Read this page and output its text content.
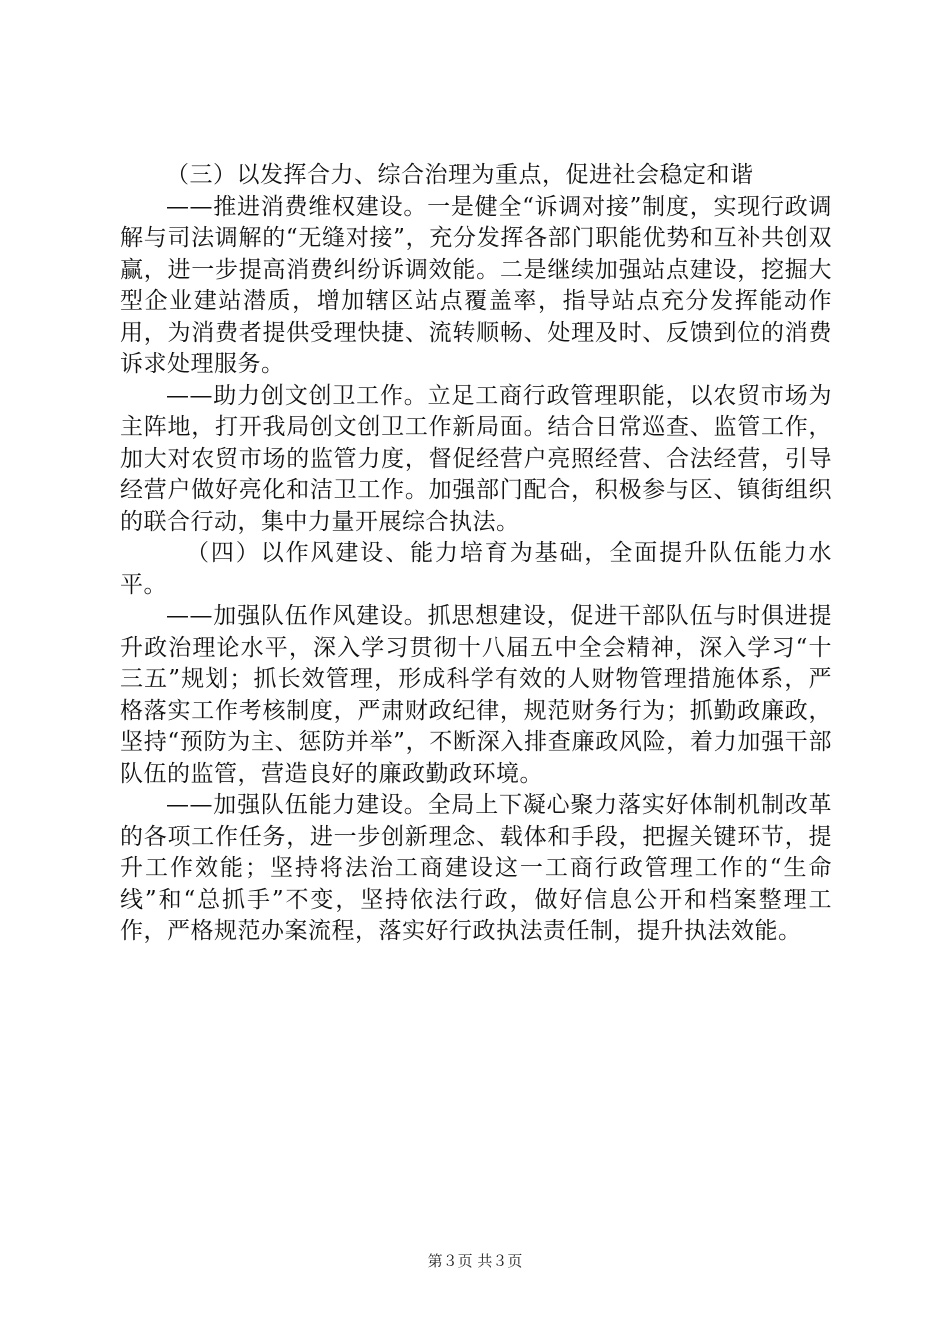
（三）以发挥合力、综合治理为重点，促进社会稳定和谐

——推进消费维权建设。一是健全“诉调对接”制度，实现行政调解与司法调解的“无缝对接”，充分发挥各部门职能优势和互补共创双赢，进一步提高消费纠纷诉调效能。二是继续加强站点建设，挖掘大型企业建站潜质，增加辖区站点覆盖率，指导站点充分发挥能动作用，为消费者提供受理快捷、流转顺畅、处理及时、反馈到位的消费诉求处理服务。

——助力创文创卫工作。立足工商行政管理职能，以农贸市场为主阵地，打开我局创文创卫工作新局面。结合日常巡查、监管工作，加大对农贸市场的监管力度，督促经营户亮照经营、合法经营，引导经营户做好亮化和洁卫工作。加强部门配合，积极参与区、镇街组织的联合行动，集中力量开展综合执法。

（四）以作风建设、能力培育为基础，全面提升队伍能力水平。

——加强队伍作风建设。抓思想建设，促进干部队伍与时俱进提升政治理论水平，深入学习贯彻十八届五中全会精神，深入学习“十三五”规划；抓长效管理，形成科学有效的人财物管理措施体系，严格落实工作考核制度，严肃财政纪律，规范财务行为；抓勤政廉政，坚持“预防为主、惩防并举”，不断深入排查廉政风险，着力加强干部队伍的监管，营造良好的廉政勤政环境。

——加强队伍能力建设。全局上下凝心聚力落实好体制机制改革的各项工作任务，进一步创新理念、载体和手段，把握关键环节，提升工作效能；坚持将法治工商建设这一工商行政管理工作的“生命线”和“总抓手”不变，坚持依法行政，做好信息公开和档案整理工作，严格规范办案流程，落实好行政执法责任制，提升执法效能。

第３页 共３页
